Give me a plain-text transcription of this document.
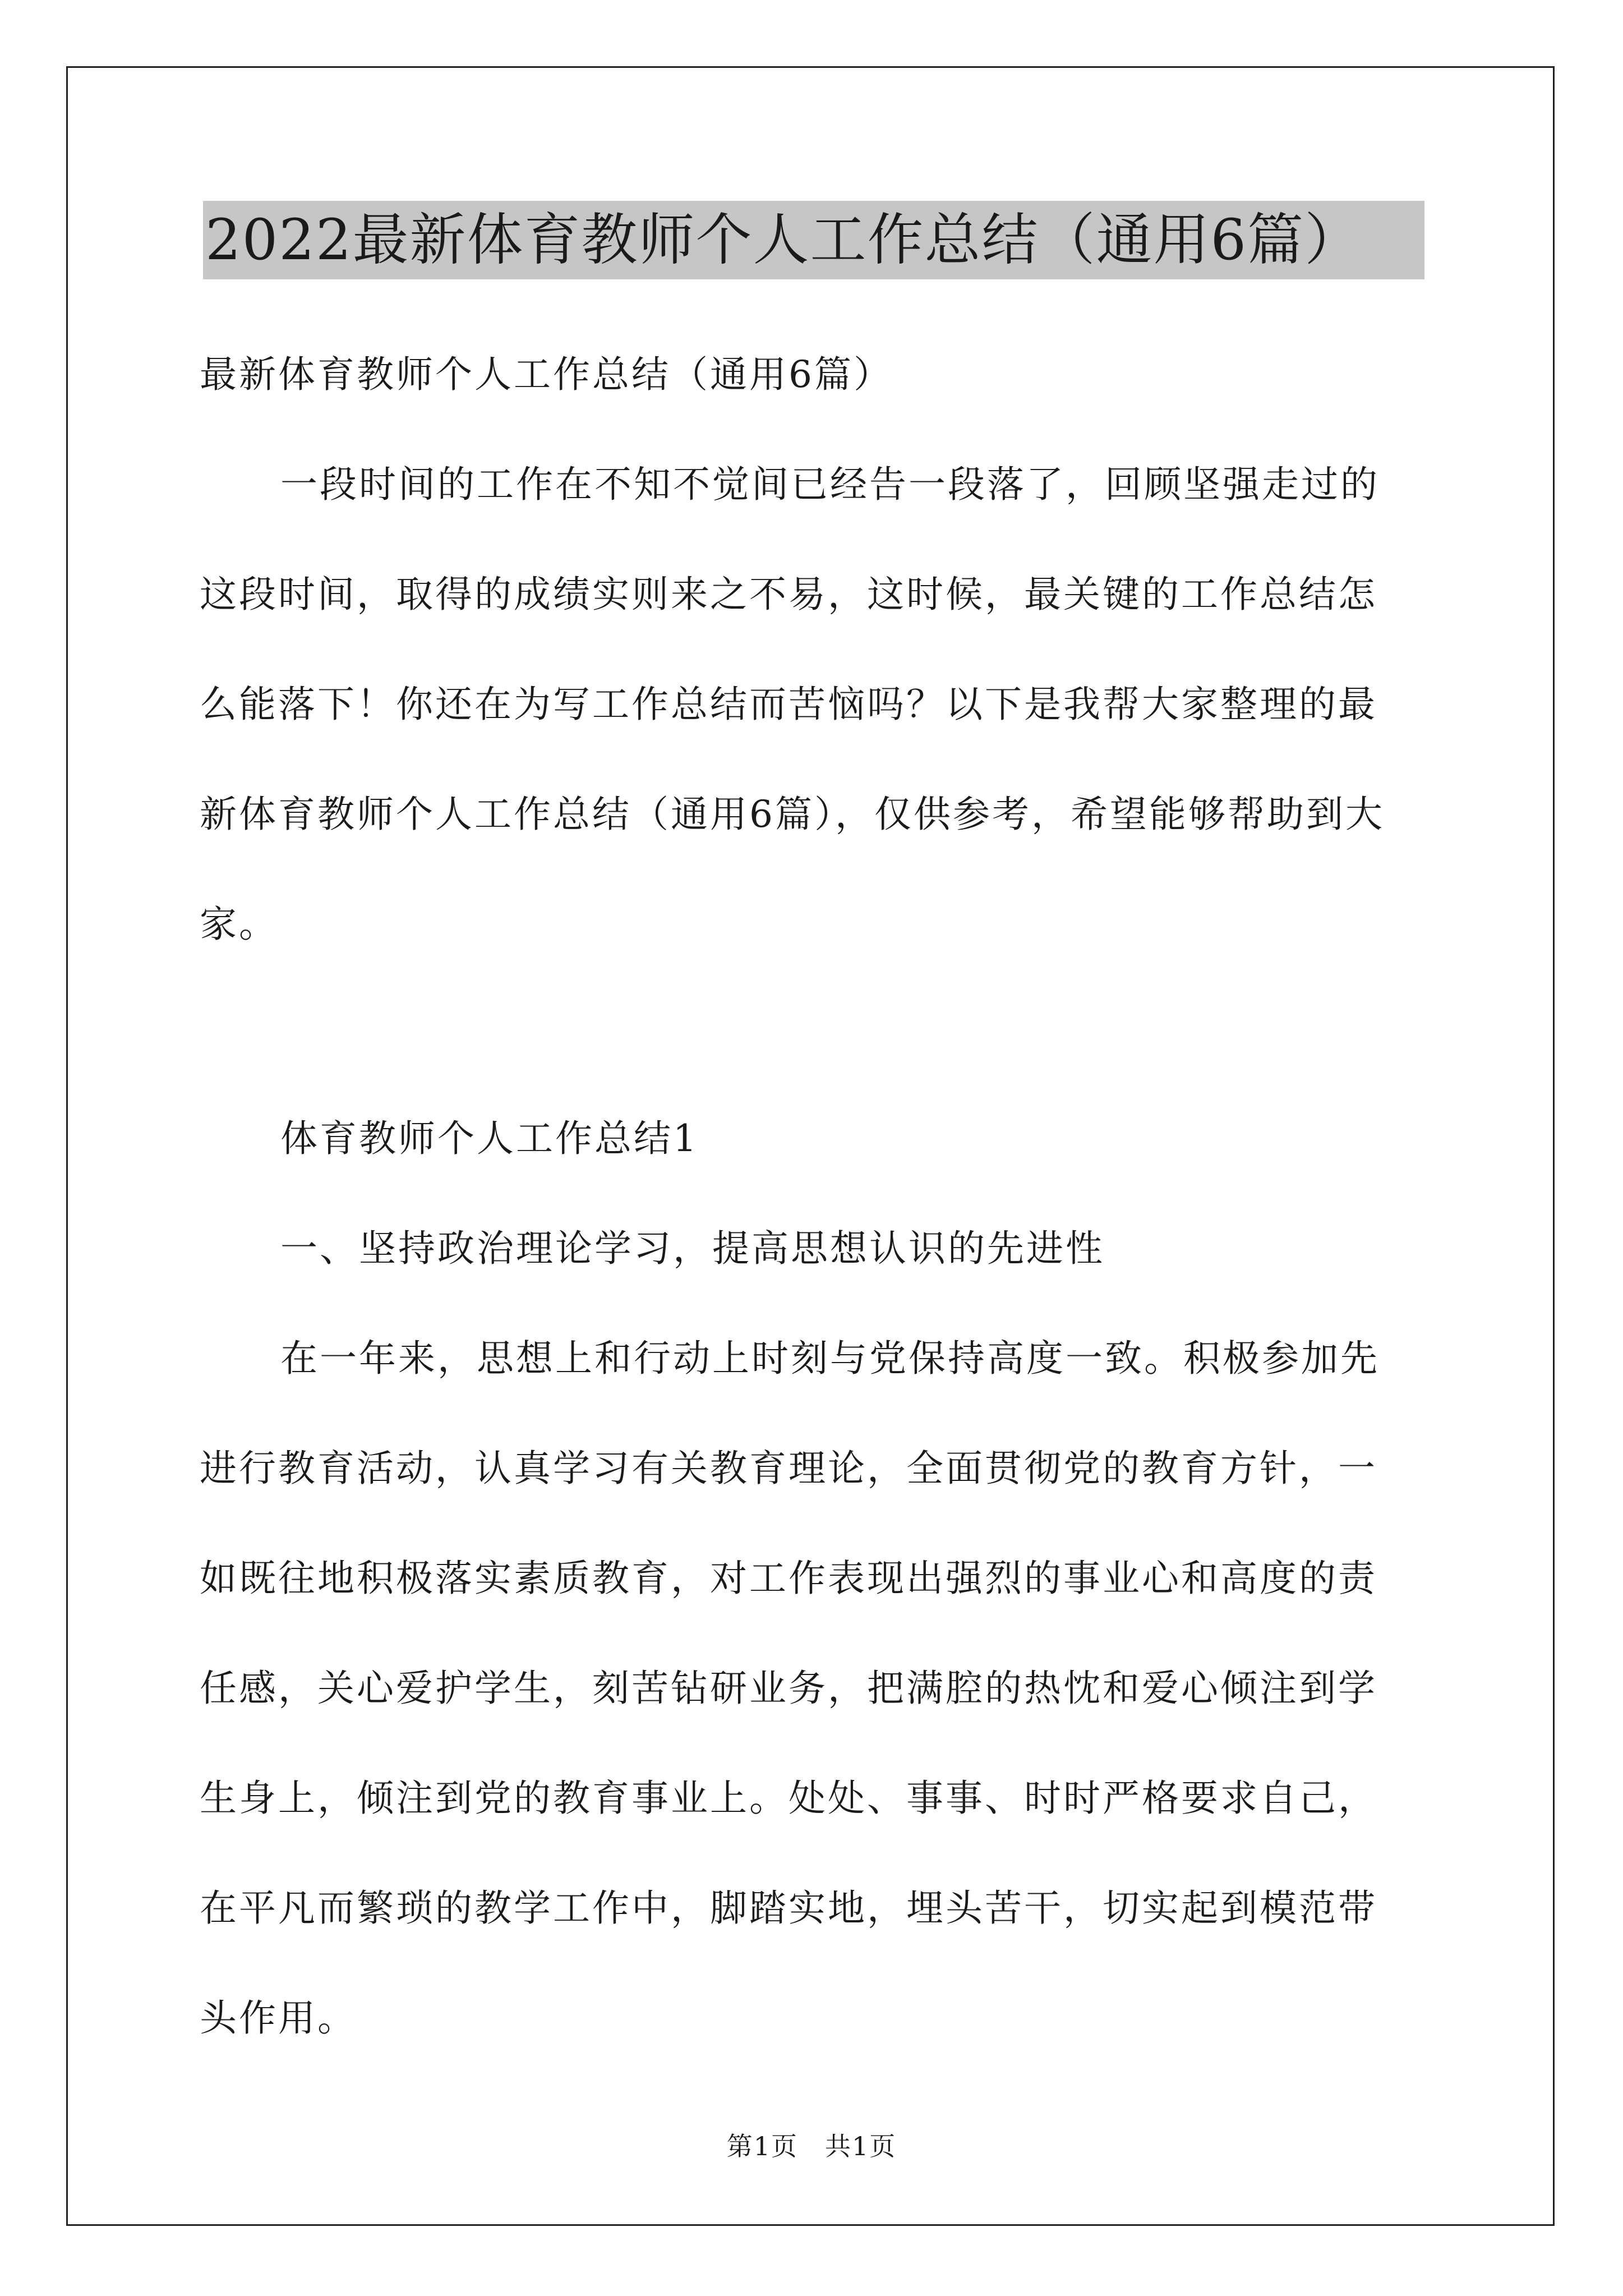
2022最新体育教师个人工作总结（通用6篇）
最新体育教师个人工作总结（通用6篇）
一段时间的工作在不知不觉间已经告一段落了，回顾坚强走过的
这段时间，取得的成绩实则来之不易，这时候，最关键的工作总结怎
么能落下！你还在为写工作总结而苦恼吗？以下是我帮大家整理的最
新体育教师个人工作总结（通用6篇），仅供参考，希望能够帮助到大
家。
体育教师个人工作总结1
一、坚持政治理论学习，提高思想认识的先进性
在一年来，思想上和行动上时刻与党保持高度一致。积极参加先
进行教育活动，认真学习有关教育理论，全面贯彻党的教育方针，一
如既往地积极落实素质教育，对工作表现出强烈的事业心和高度的责
任感，关心爱护学生，刻苦钻研业务，把满腔的热忱和爱心倾注到学
生身上，倾注到党的教育事业上。处处、事事、时时严格要求自己，
在平凡而繁琐的教学工作中，脚踏实地，埋头苦干，切实起到模范带
头作用。
第1页　共1页
